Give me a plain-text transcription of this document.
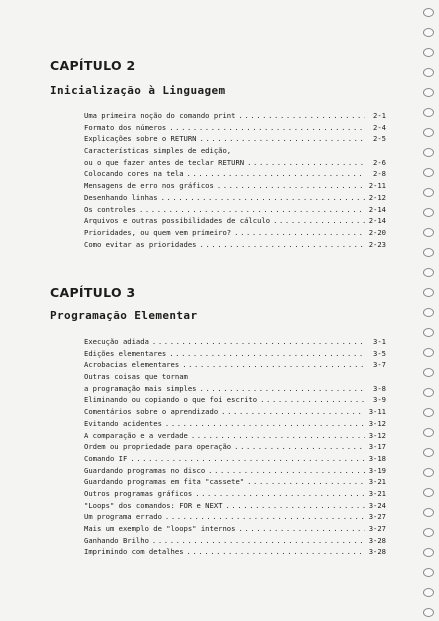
CAPÍTULO 2
Inicialização à Linguagem
Uma primeira noção do comando print .....	2-1
Formato dos números .....	2-4
Explicações sobre o RETURN .....	2-5
Características simples de edição,
ou o que fazer antes de teclar RETURN .....	2-6
Colocando cores na tela .....	2-8
Mensagens de erro nos gráficos .....	2-11
Desenhando linhas .....	2-12
Os controles .....	2-14
Arquivos e outras possibilidades de cálculo .....	2-14
Prioridades, ou quem vem primeiro? .....	2-20
Como evitar as prioridades .....	2-23
CAPÍTULO 3
Programação Elementar
Execução adiada .....	3-1
Edições elementares .....	3-5
Acrobacias elementares .....	3-7
Outras coisas que tornam
a programação mais simples .....	3-8
Eliminando ou copiando o que foi escrito .....	3-9
Comentários sobre o aprendizado .....	3-11
Evitando acidentes .....	3-12
A comparação e a verdade .....	3-12
Ordem ou propriedade para operação .....	3-17
Comando IF .....	3-18
Guardando programas no disco .....	3-19
Guardando programas em fita "cassete" .....	3-21
Outros programas gráficos .....	3-21
"Loops" dos comandos: FOR e NEXT .....	3-24
Um programa errado .....	3-27
Mais um exemplo de "loops" internos .....	3-27
Ganhando Brilho .....	3-28
Imprimindo com detalhes .....	3-28
